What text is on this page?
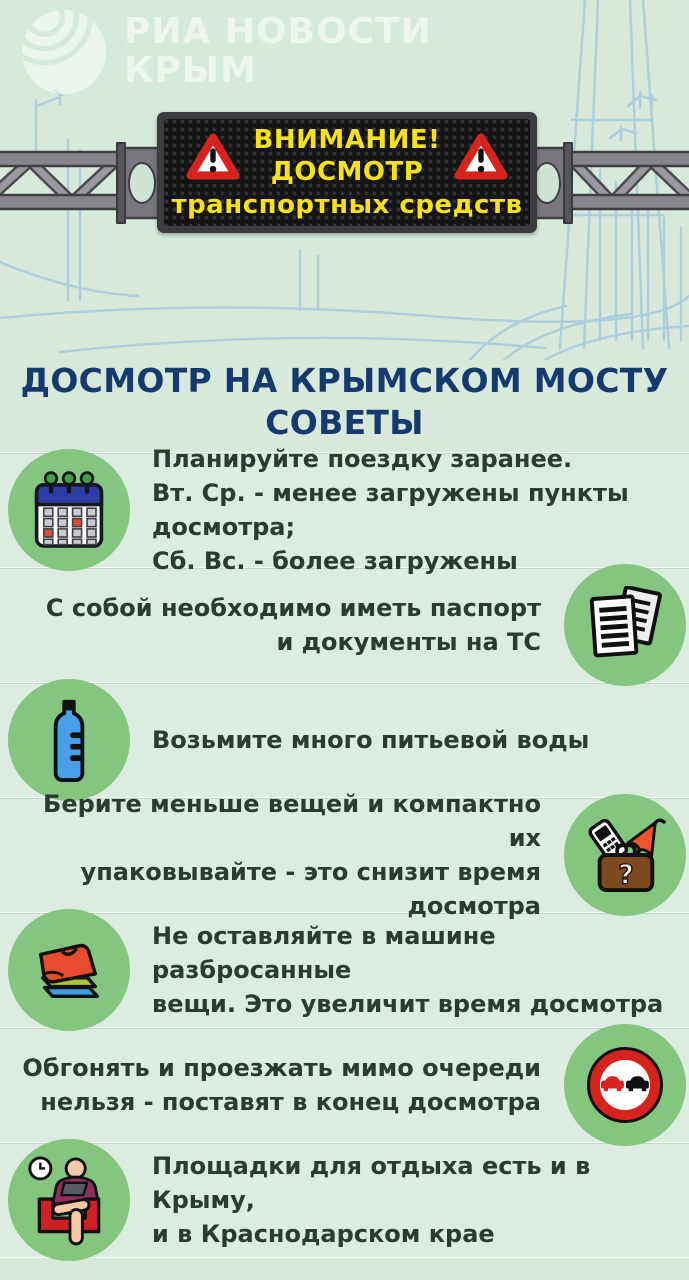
РИА НОВОСТИ
КРЫМ
ВНИМАНИЕ!
ДОСМОТР
транспортных средств
ДОСМОТР НА КРЫМСКОМ МОСТУ
СОВЕТЫ
Планируйте поездку заранее.
Вт. Ср. - менее загружены пункты досмотра;
Сб. Вс. - более загружены
С собой необходимо иметь паспорт
и документы на ТС
Возьмите много питьевой воды
Берите меньше вещей и компактно их
упаковывайте - это снизит время досмотра
?
Не оставляйте в машине разбросанные
вещи. Это увеличит время досмотра
Обгонять и проезжать мимо очереди
нельзя - поставят в конец досмотра
Площадки для отдыха есть и в Крыму,
и в Краснодарском крае
